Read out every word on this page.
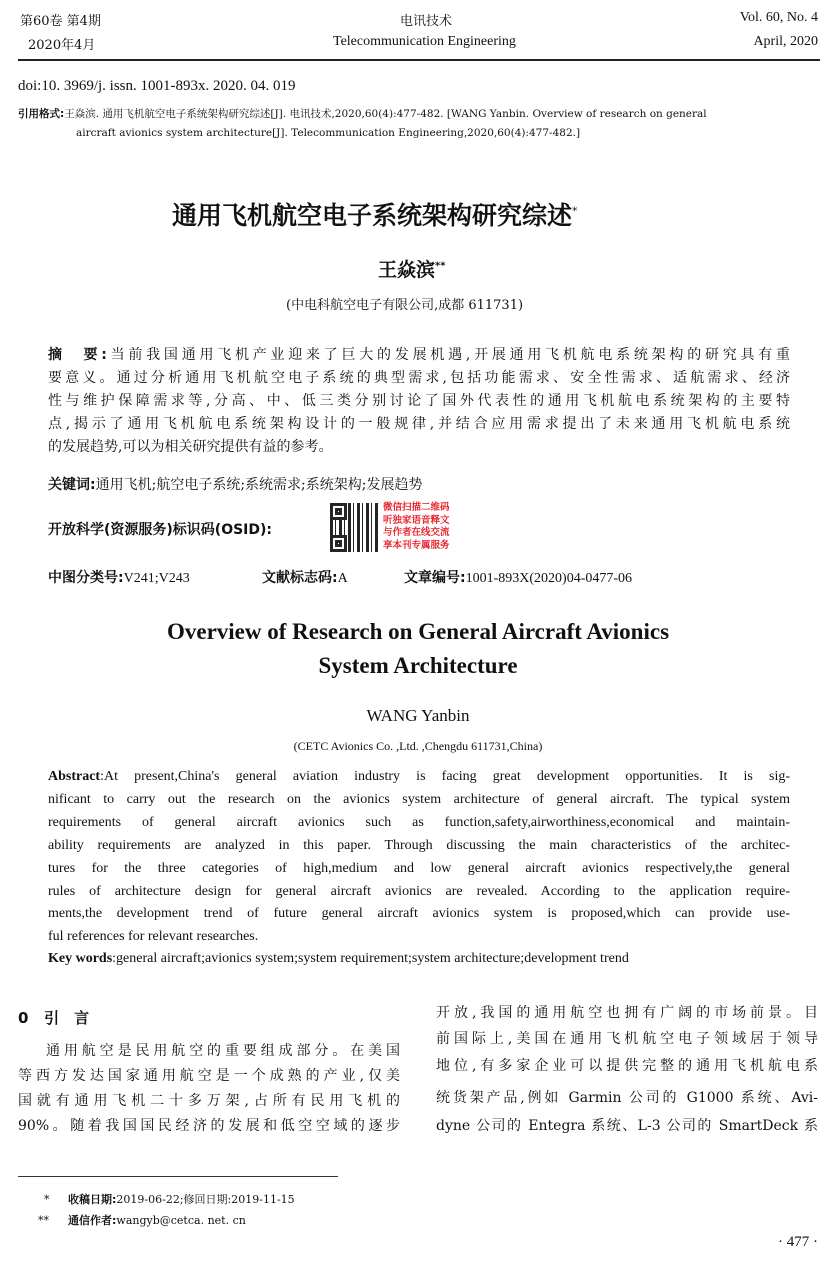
第60卷 第4期
2020年4月
电讯技术
Telecommunication Engineering
Vol. 60, No. 4
April, 2020
doi:10. 3969/j. issn. 1001-893x. 2020. 04. 019
引用格式:王焱滨. 通用飞机航空电子系统架构研究综述[J]. 电讯技术,2020,60(4):477-482. [WANG Yanbin. Overview of research on general
aircraft avionics system architecture[J]. Telecommunication Engineering,2020,60(4):477-482.]
通用飞机航空电子系统架构研究综述*
王焱滨**
(中电科航空电子有限公司,成都 611731)
摘　要:当前我国通用飞机产业迎来了巨大的发展机遇,开展通用飞机航电系统架构的研究具有重
要意义。通过分析通用飞机航空电子系统的典型需求,包括功能需求、安全性需求、适航需求、经济
性与维护保障需求等,分高、中、低三类分别讨论了国外代表性的通用飞机航电系统架构的主要特
点,揭示了通用飞机航电系统架构设计的一般规律,并结合应用需求提出了未来通用飞机航电系统
的发展趋势,可以为相关研究提供有益的参考。
关键词:通用飞机;航空电子系统;系统需求;系统架构;发展趋势
开放科学(资源服务)标识码(OSID):
微信扫描二维码
听独家语音释文
与作者在线交流
享本刊专属服务
中图分类号:V241;V243	文献标志码:A	文章编号:1001-893X(2020)04-0477-06
Overview of Research on General Aircraft Avionics
System Architecture
WANG Yanbin
(CETC Avionics Co. ,Ltd. ,Chengdu 611731,China)
Abstract:At present,China's general aviation industry is facing great development opportunities. It is sig-
nificant to carry out the research on the avionics system architecture of general aircraft. The typical system
requirements of general aircraft avionics such as function,safety,airworthiness,economical and maintain-
ability requirements are analyzed in this paper. Through discussing the main characteristics of the architec-
tures for the three categories of high,medium and low general aircraft avionics respectively,the general
rules of architecture design for general aircraft avionics are revealed. According to the application require-
ments,the development trend of future general aircraft avionics system is proposed,which can provide use-
ful references for relevant researches.
Key words:general aircraft;avionics system;system requirement;system architecture;development trend
0 引　言
通用航空是民用航空的重要组成部分。在美国
等西方发达国家通用航空是一个成熟的产业,仅美
国就有通用飞机二十多万架,占所有民用飞机的
90%。随着我国国民经济的发展和低空空域的逐步
开放,我国的通用航空也拥有广阔的市场前景。目
前国际上,美国在通用飞机航空电子领域居于领导
地位,有多家企业可以提供完整的通用飞机航电系
统货架产品,例如 Garmin 公司的 G1000 系统、Avi-
dyne 公司的 Entegra 系统、L-3 公司的 SmartDeck 系
* 收稿日期:2019-06-22;修回日期:2019-11-15
** 通信作者:wangyb@cetca. net. cn
· 477 ·
